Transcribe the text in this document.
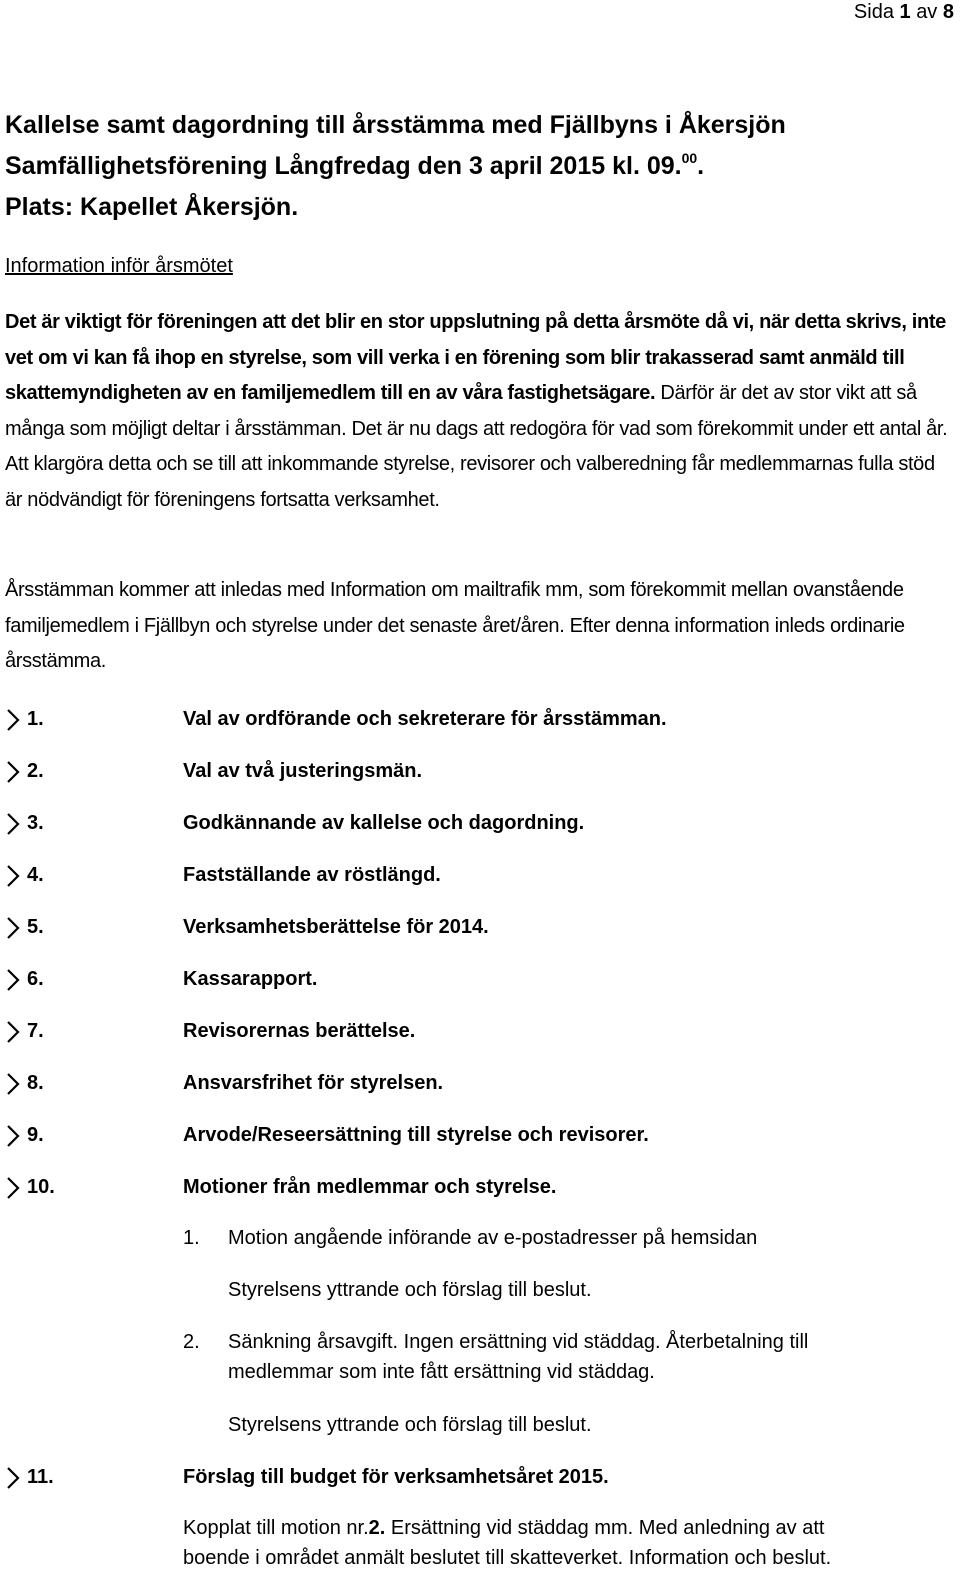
Sida 1 av 8
Kallelse samt dagordning till årsstämma med Fjällbyns i Åkersjön
Samfällighetsförening Långfredag den 3 april 2015 kl. 09.00.
Plats: Kapellet Åkersjön.
Information inför årsmötet
Det är viktigt för föreningen att det blir en stor uppslutning på detta årsmöte då vi, när detta skrivs, inte vet om vi kan få ihop en styrelse, som vill verka i en förening som blir trakasserad samt anmäld till skattemyndigheten av en familjemedlem till en av våra fastighetsägare. Därför är det av stor vikt att så många som möjligt deltar i årsstämman. Det är nu dags att redogöra för vad som förekommit under ett antal år. Att klargöra detta och se till att inkommande styrelse, revisorer och valberedning får medlemmarnas fulla stöd är nödvändigt för föreningens fortsatta verksamhet.
Årsstämman kommer att inledas med Information om mailtrafik mm, som förekommit mellan ovanstående familjemedlem i Fjällbyn och styrelse under det senaste året/åren. Efter denna information inleds ordinarie årsstämma.
1.	Val av ordförande och sekreterare för årsstämman.
2.	Val av två justeringsmän.
3.	Godkännande av kallelse och dagordning.
4.	Fastställande av röstlängd.
5.	Verksamhetsberättelse för 2014.
6.	Kassarapport.
7.	Revisorernas berättelse.
8.	Ansvarsfrihet för styrelsen.
9.	Arvode/Reseersättning till styrelse och revisorer.
10.	Motioner från medlemmar och styrelse.
11.	Förslag till budget för verksamhetsåret 2015.
1. Motion angående införande av e-postadresser på hemsidan
Styrelsens yttrande och förslag till beslut.
2. Sänkning årsavgift. Ingen ersättning vid städdag. Återbetalning till
medlemmar som inte fått ersättning vid städdag.
Styrelsens yttrande och förslag till beslut.
Kopplat till motion nr.2. Ersättning vid städdag mm. Med anledning av att
boende i området anmält beslutet till skatteverket. Information och beslut.
